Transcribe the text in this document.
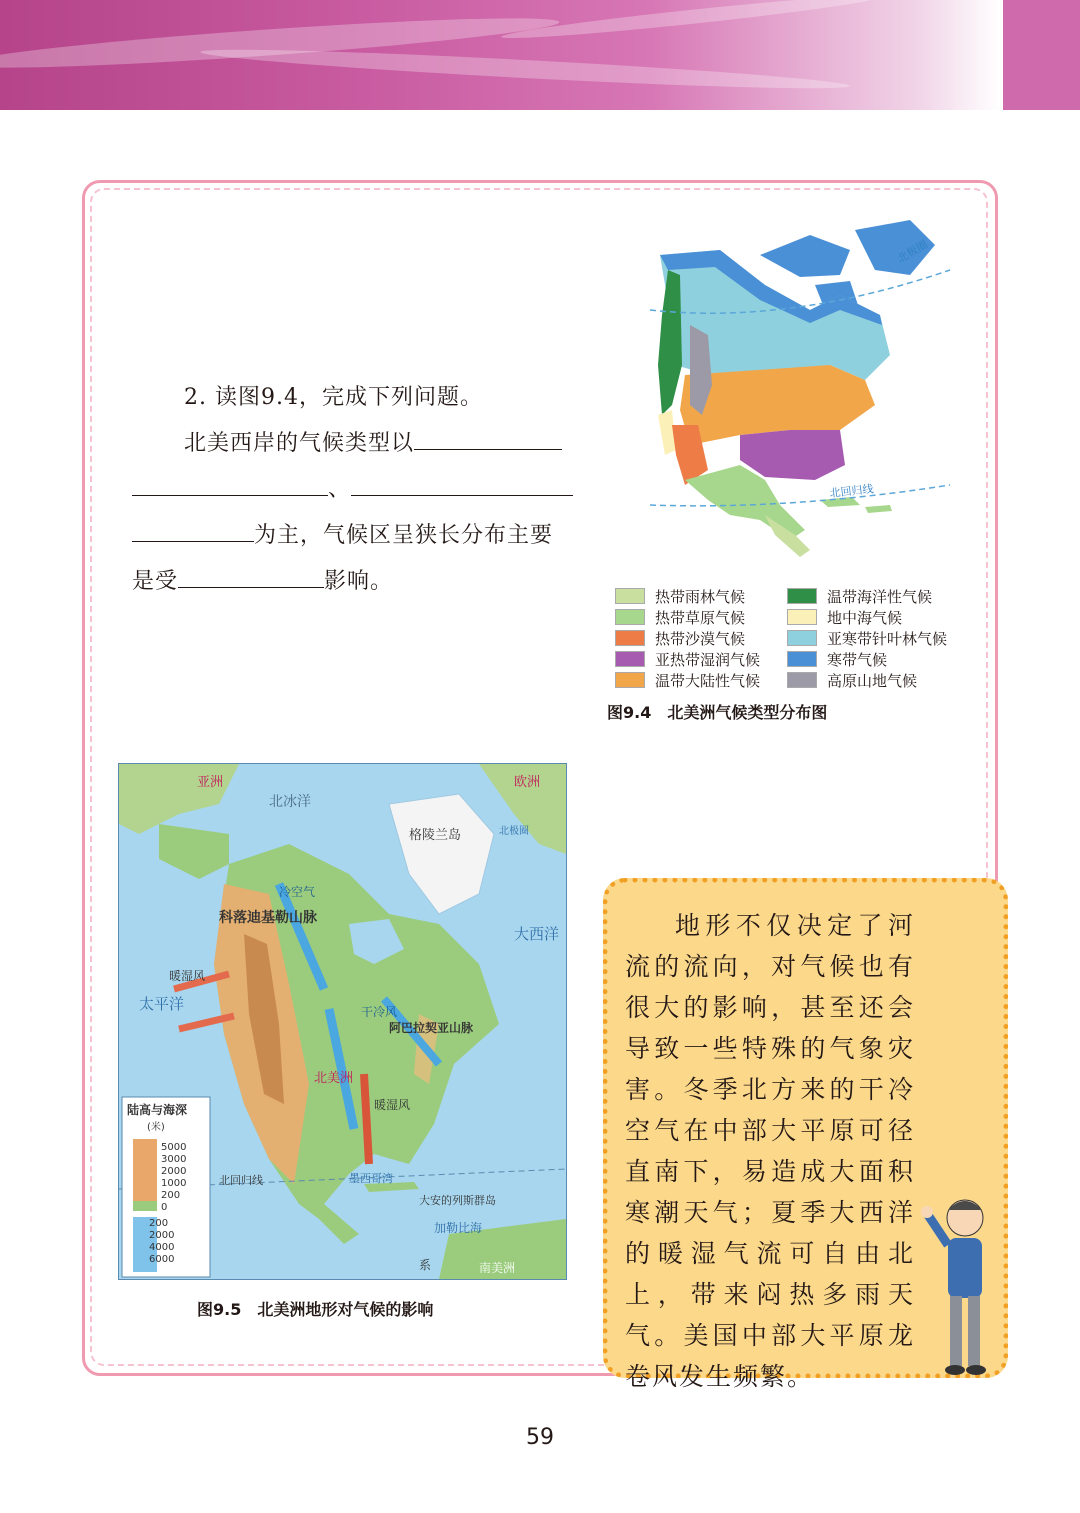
2. 读图9.4，完成下列问题。

北美西岸的气候类型以

、

为主，气候区呈狭长分布主要

是受	影响。

北极圈
北回归线
热带雨林气候
热带草原气候
热带沙漠气候
亚热带湿润气候
温带大陆性气候
温带海洋性气候
地中海气候
亚寒带针叶林气候
寒带气候
高原山地气候
图9.4　北美洲气候类型分布图
北冰洋
亚洲	欧洲
格陵兰岛
太平洋
大西洋
科落迪基勒山脉
阿巴拉契亚山脉
冷空气
暖湿风
干冷风
暖湿风
北美洲
墨西哥湾
北回归线
大安的列斯群岛
加勒比海
南美洲
系
北极圈
陆高与海深
(米)
5000
3000
2000
1000
200
0
200
2000
4000
6000
图9.5　北美洲地形对气候的影响
地形不仅决定了河流的流向，对气候也有很大的影响，甚至还会导致一些特殊的气象灾害。冬季北方来的干冷空气在中部大平原可径直南下，易造成大面积寒潮天气；夏季大西洋的暖湿气流可自由北上，带来闷热多雨天气。美国中部大平原龙卷风发生频繁。
59
